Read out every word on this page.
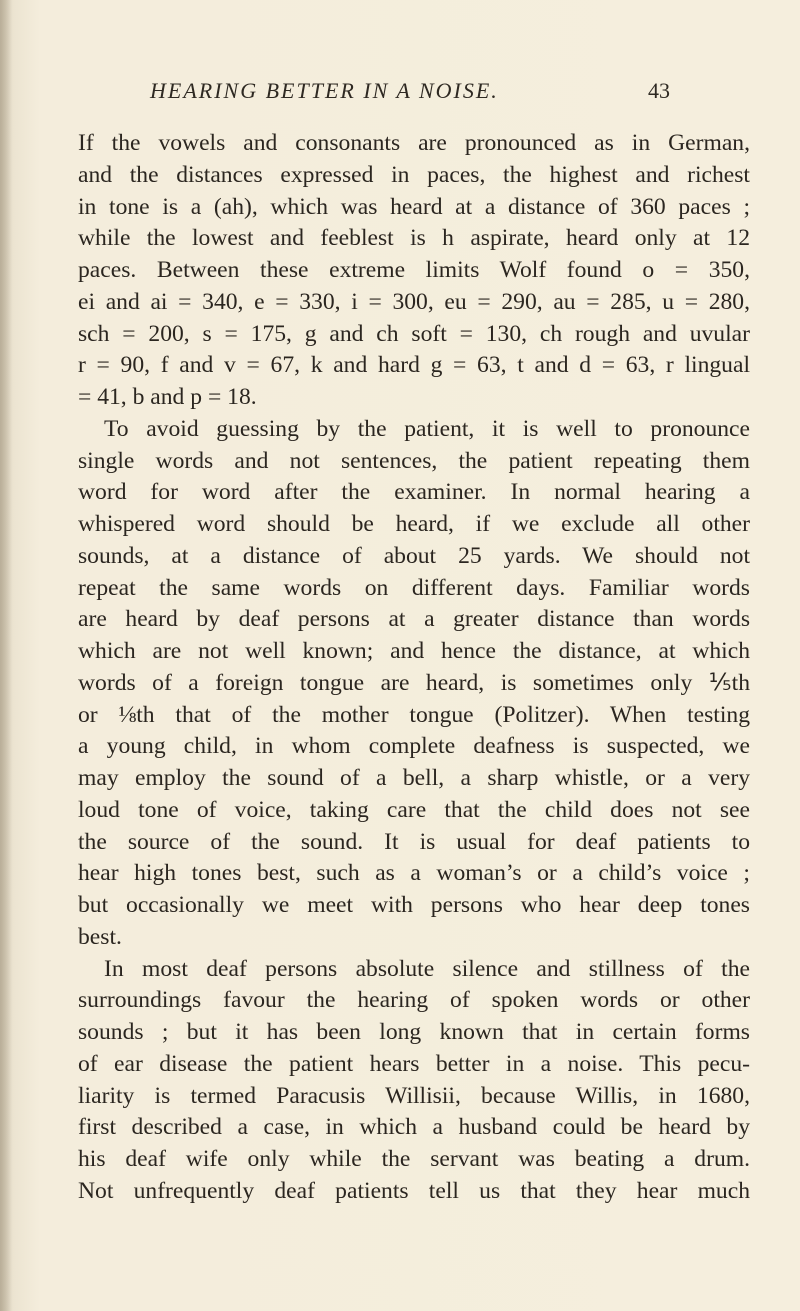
HEARING BETTER IN A NOISE.	43

If the vowels and consonants are pronounced as in German,
and the distances expressed in paces, the highest and richest
in tone is a (ah), which was heard at a distance of 360 paces ;
while the lowest and feeblest is h aspirate, heard only at 12
paces. Between these extreme limits Wolf found o = 350,
ei and ai = 340, e = 330, i = 300, eu = 290, au = 285, u = 280,
sch = 200, s = 175, g and ch soft = 130, ch rough and uvular
r = 90, f and v = 67, k and hard g = 63, t and d = 63, r lingual
= 41, b and p = 18.

To avoid guessing by the patient, it is well to pronounce
single words and not sentences, the patient repeating them
word for word after the examiner. In normal hearing a
whispered word should be heard, if we exclude all other
sounds, at a distance of about 25 yards. We should not
repeat the same words on different days. Familiar words
are heard by deaf persons at a greater distance than words
which are not well known; and hence the distance, at which
words of a foreign tongue are heard, is sometimes only ⅕th
or ⅛th that of the mother tongue (Politzer). When testing
a young child, in whom complete deafness is suspected, we
may employ the sound of a bell, a sharp whistle, or a very
loud tone of voice, taking care that the child does not see
the source of the sound. It is usual for deaf patients to
hear high tones best, such as a woman’s or a child’s voice ;
but occasionally we meet with persons who hear deep tones
best.

In most deaf persons absolute silence and stillness of the
surroundings favour the hearing of spoken words or other
sounds ; but it has been long known that in certain forms
of ear disease the patient hears better in a noise. This pecu-
liarity is termed Paracusis Willisii, because Willis, in 1680,
first described a case, in which a husband could be heard by
his deaf wife only while the servant was beating a drum.
Not unfrequently deaf patients tell us that they hear much
